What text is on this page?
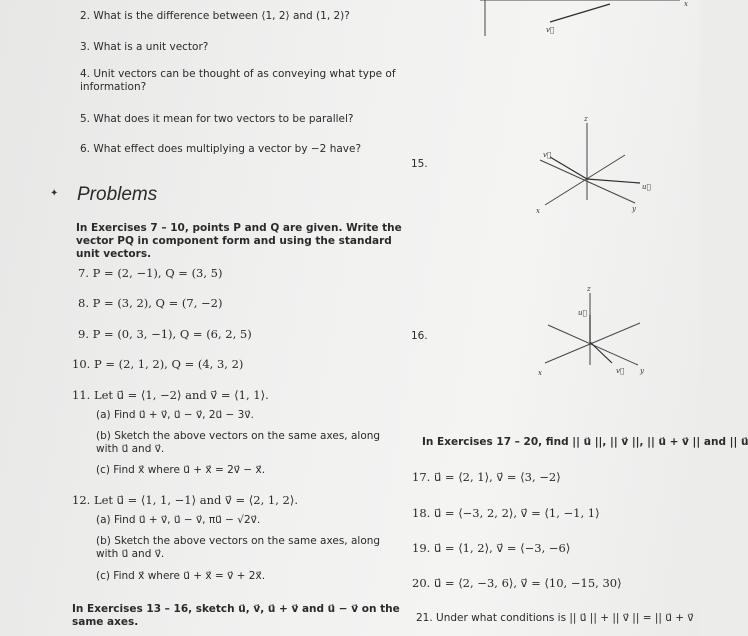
2. What is the difference between ⟨1, 2⟩ and (1, 2)?
3. What is a unit vector?
4. Unit vectors can be thought of as conveying what type of information?
5. What does it mean for two vectors to be parallel?
6. What effect does multiplying a vector by −2 have?
✦ Problems
In Exercises 7 – 10, points P and Q are given. Write the vector PQ in component form and using the standard unit vectors.
7. P = (2, −1), Q = (3, 5)
8. P = (3, 2), Q = (7, −2)
9. P = (0, 3, −1), Q = (6, 2, 5)
10. P = (2, 1, 2), Q = (4, 3, 2)
11. Let u⃗ = ⟨1, −2⟩ and v⃗ = ⟨1, 1⟩.
(a) Find u⃗ + v⃗, u⃗ − v⃗, 2u⃗ − 3v⃗.
(b) Sketch the above vectors on the same axes, along with u⃗ and v⃗.
(c) Find x⃗ where u⃗ + x⃗ = 2v⃗ − x⃗.
12. Let u⃗ = ⟨1, 1, −1⟩ and v⃗ = ⟨2, 1, 2⟩.
(a) Find u⃗ + v⃗, u⃗ − v⃗, πu⃗ − √2v⃗.
(b) Sketch the above vectors on the same axes, along with u⃗ and v⃗.
(c) Find x⃗ where u⃗ + x⃗ = v⃗ + 2x⃗.
In Exercises 13 – 16, sketch u⃗, v⃗, u⃗ + v⃗ and u⃗ − v⃗ on the same axes.
15.
16.
In Exercises 17 – 20, find || u⃗ ||, || v⃗ ||, || u⃗ + v⃗ || and || u⃗
17. u⃗ = ⟨2, 1⟩, v⃗ = ⟨3, −2⟩
18. u⃗ = ⟨−3, 2, 2⟩, v⃗ = ⟨1, −1, 1⟩
19. u⃗ = ⟨1, 2⟩, v⃗ = ⟨−3, −6⟩
20. u⃗ = ⟨2, −3, 6⟩, v⃗ = ⟨10, −15, 30⟩
21. Under what conditions is || u⃗ || + || v⃗ || = || u⃗ + v⃗
v⃗
x
z
v⃗
u⃗
x	y
z
u⃗
v⃗
x	y
